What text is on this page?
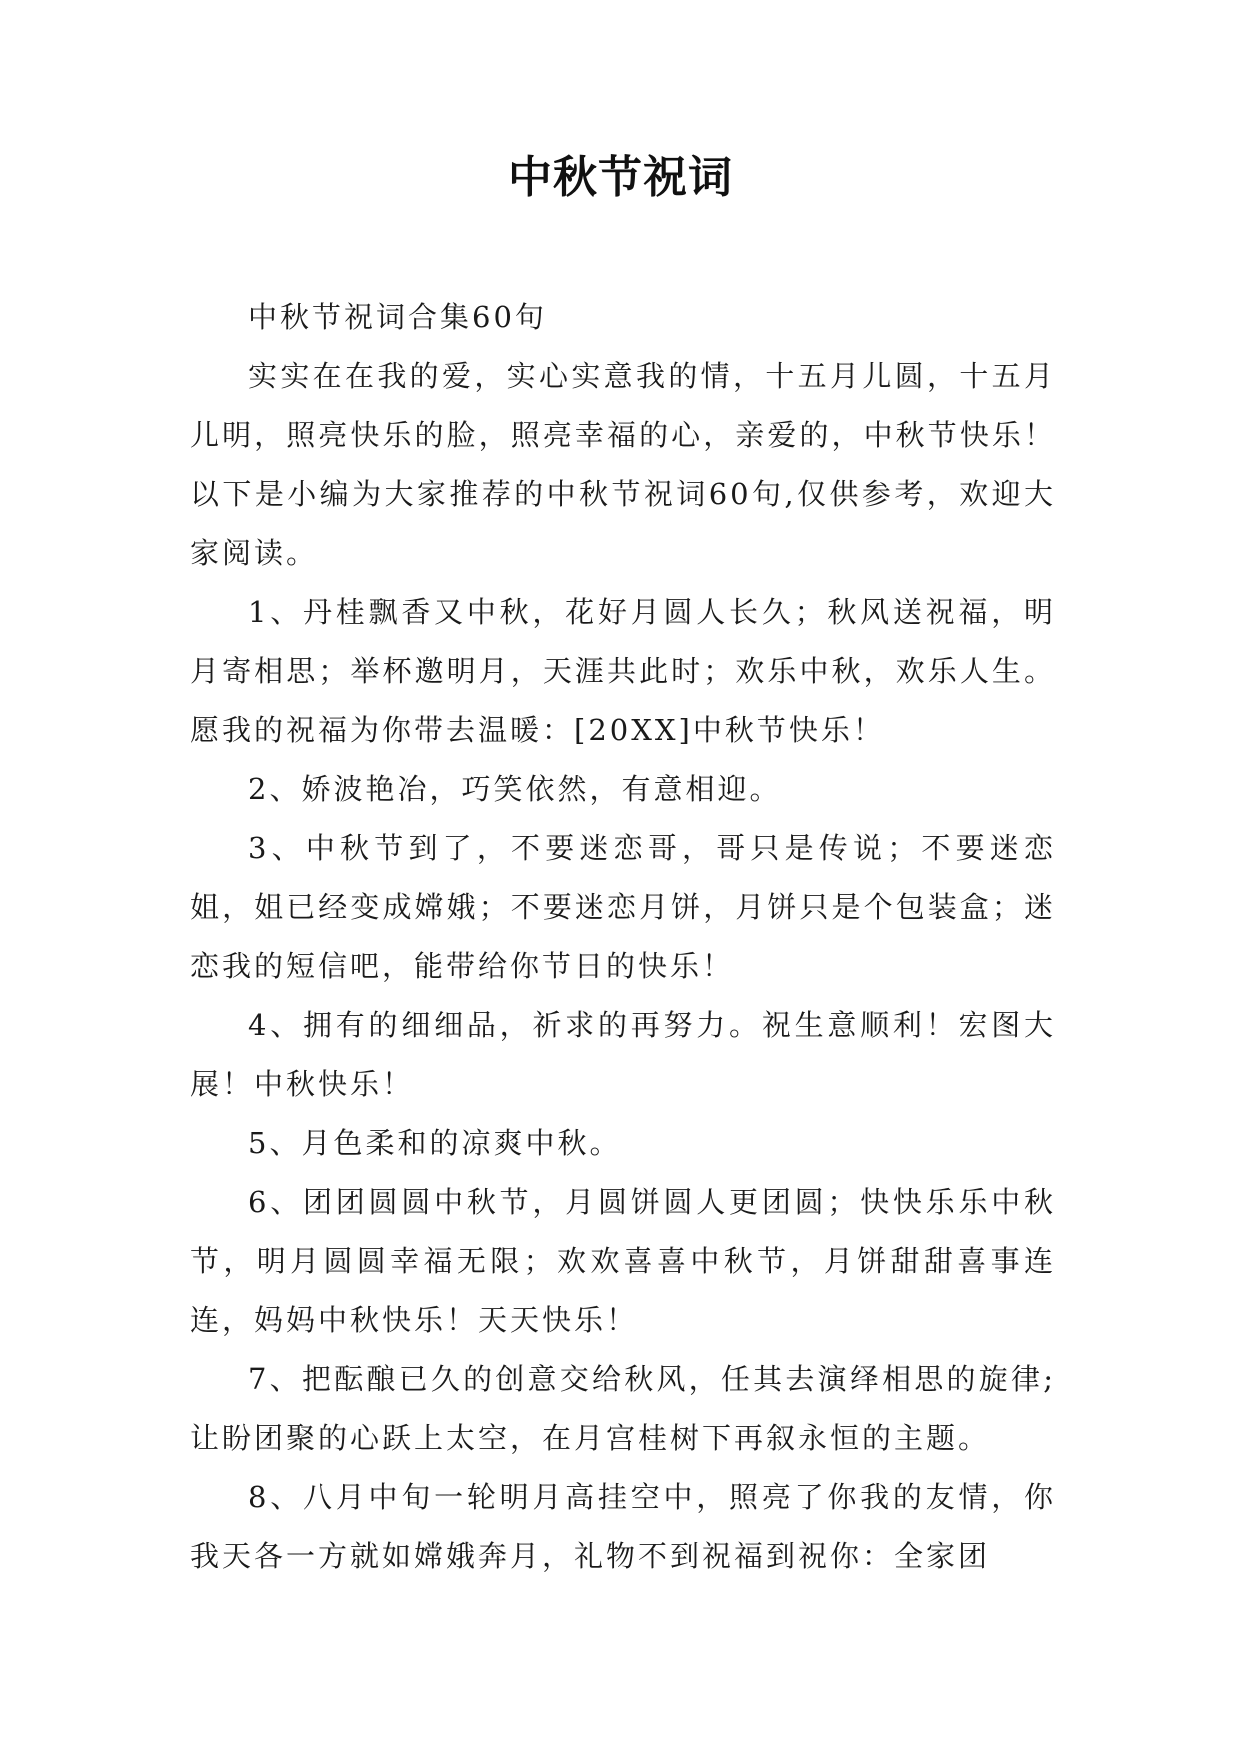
中秋节祝词

中秋节祝词合集60句

实实在在我的爱，实心实意我的情，十五月儿圆，十五月儿明，照亮快乐的脸，照亮幸福的心，亲爱的，中秋节快乐！以下是小编为大家推荐的中秋节祝词60句,仅供参考，欢迎大家阅读。

1、丹桂飘香又中秋，花好月圆人长久；秋风送祝福，明月寄相思；举杯邀明月，天涯共此时；欢乐中秋，欢乐人生。愿我的祝福为你带去温暖：[20XX]中秋节快乐！

2、娇波艳冶，巧笑依然，有意相迎。

3、中秋节到了，不要迷恋哥，哥只是传说；不要迷恋姐，姐已经变成嫦娥；不要迷恋月饼，月饼只是个包装盒；迷恋我的短信吧，能带给你节日的快乐！

4、拥有的细细品，祈求的再努力。祝生意顺利！宏图大展！中秋快乐！

5、月色柔和的凉爽中秋。

6、团团圆圆中秋节，月圆饼圆人更团圆；快快乐乐中秋节，明月圆圆幸福无限；欢欢喜喜中秋节，月饼甜甜喜事连连，妈妈中秋快乐！天天快乐！

7、把酝酿已久的创意交给秋风，任其去演绎相思的旋律;让盼团聚的心跃上太空，在月宫桂树下再叙永恒的主题。

8、八月中旬一轮明月高挂空中，照亮了你我的友情，你我天各一方就如嫦娥奔月，礼物不到祝福到祝你：全家团
